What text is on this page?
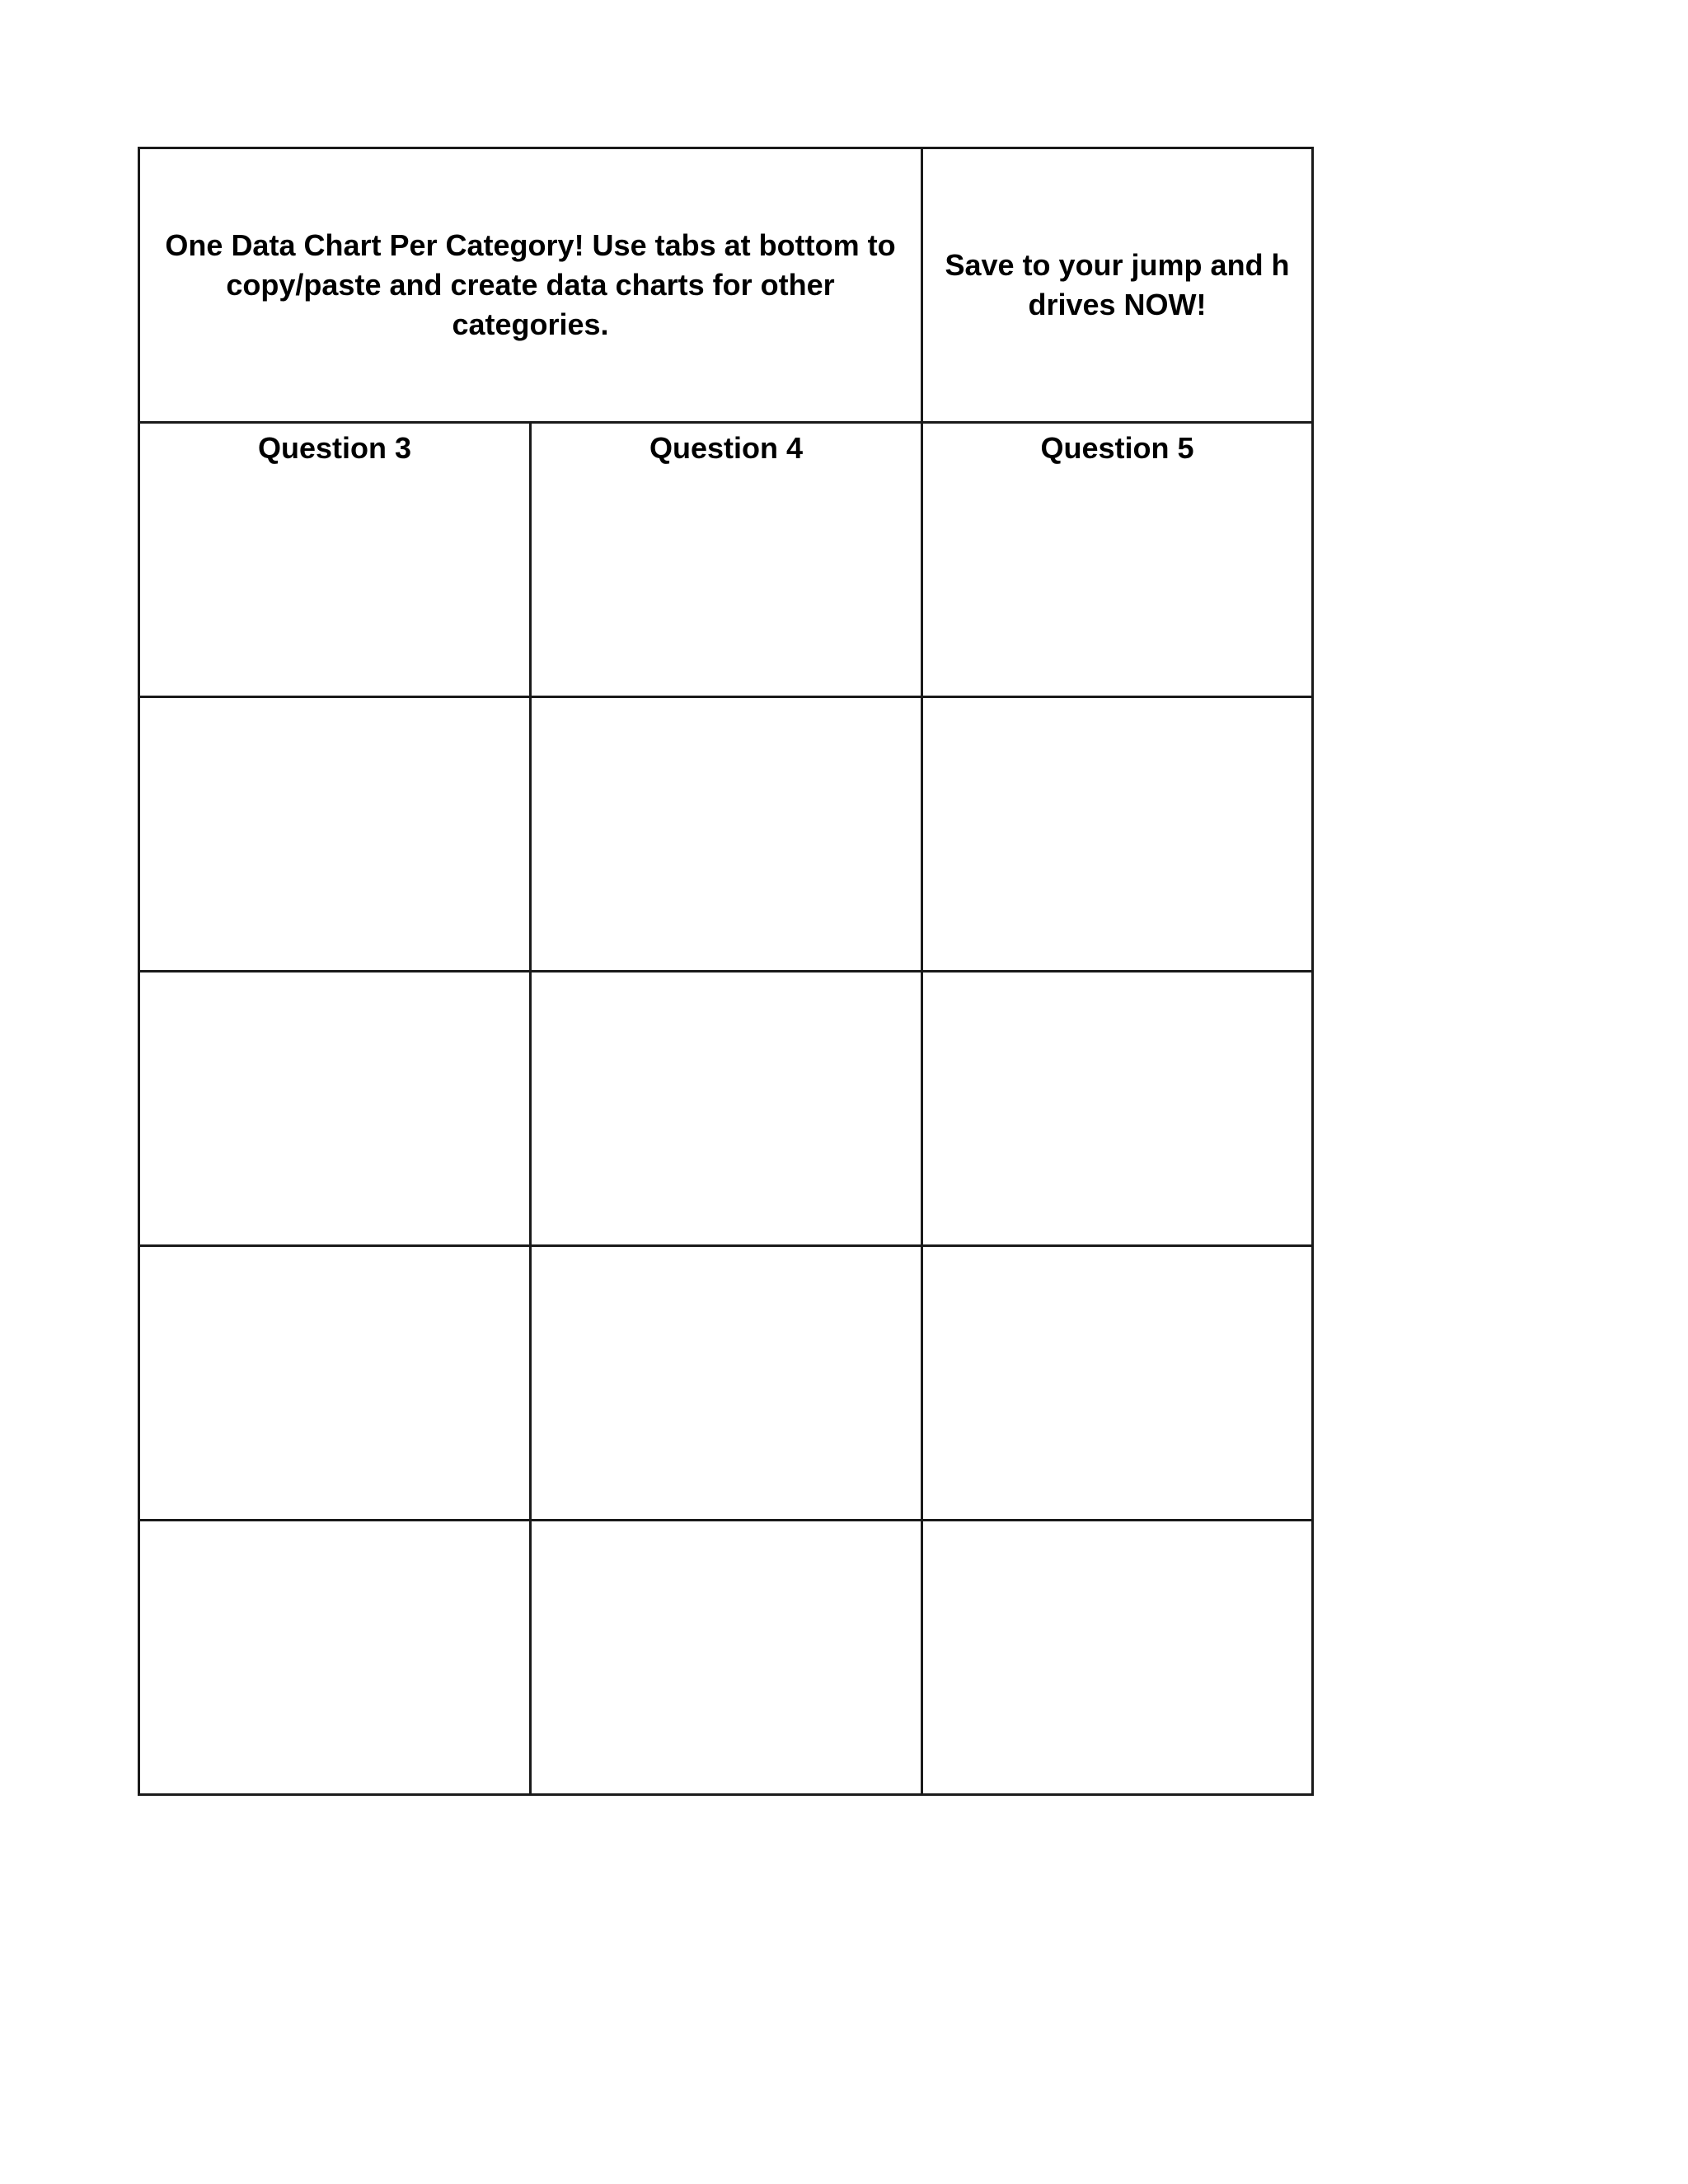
One Data Chart Per Category! Use tabs at bottom to copy/paste and create data charts for other categories.		Save to your jump and h drives NOW!

Question 3	Question 4	Question 5
